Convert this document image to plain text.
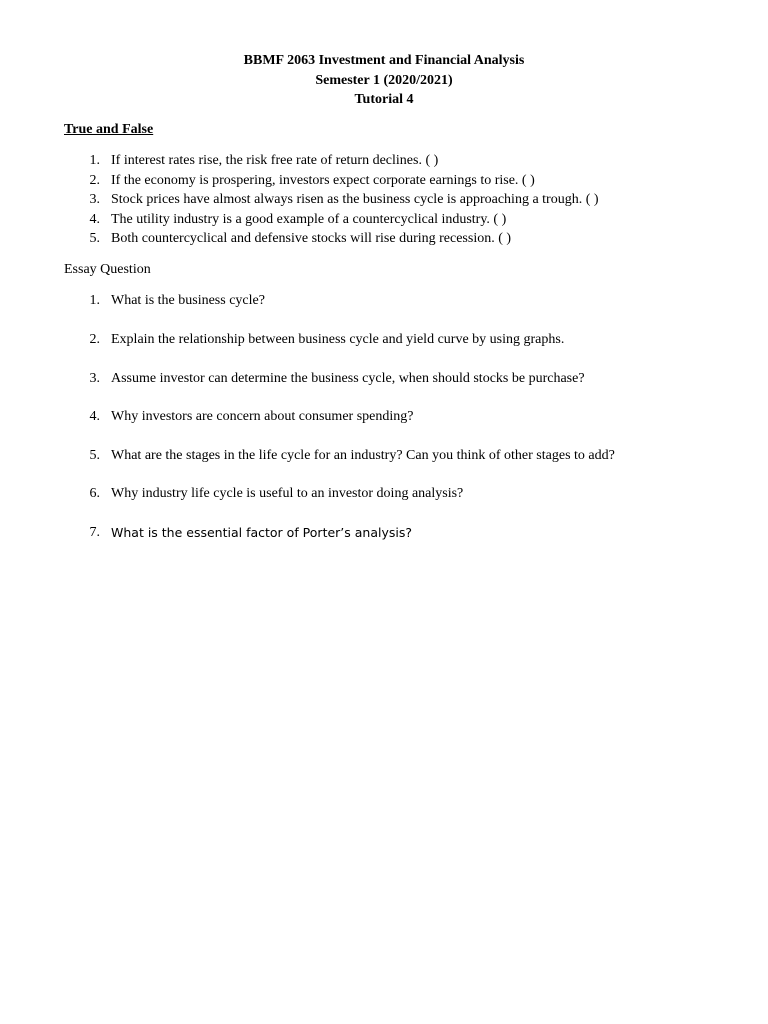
BBMF 2063 Investment and Financial Analysis
Semester 1 (2020/2021)
Tutorial 4
True and False
1. If interest rates rise, the risk free rate of return declines. ( )
2. If the economy is prospering, investors expect corporate earnings to rise. ( )
3. Stock prices have almost always risen as the business cycle is approaching a trough. ( )
4. The utility industry is a good example of a countercyclical industry. ( )
5. Both countercyclical and defensive stocks will rise during recession. ( )
Essay Question
1. What is the business cycle?
2. Explain the relationship between business cycle and yield curve by using graphs.
3. Assume investor can determine the business cycle, when should stocks be purchase?
4. Why investors are concern about consumer spending?
5. What are the stages in the life cycle for an industry? Can you think of other stages to add?
6. Why industry life cycle is useful to an investor doing analysis?
7. What is the essential factor of Porter’s analysis?
